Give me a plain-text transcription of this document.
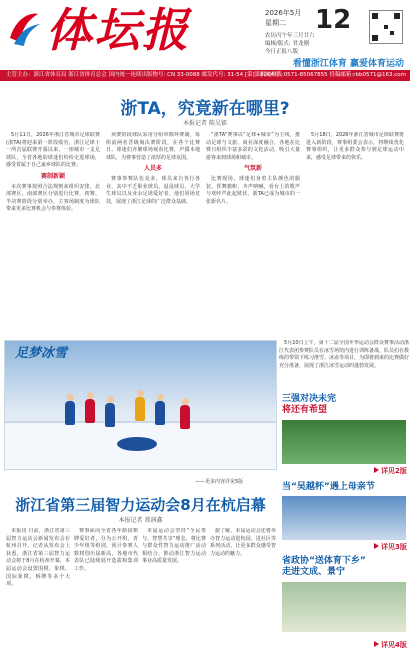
体坛报	2026年5月
星期二 12
农历丙午年三月廿六
编辑/版式: 君龙刚
今日正报八版
看懂浙江体育 赢爱体育运动
主管主办：浙江省体育局 浙江省体育总会 国内统一连续出版物号: CN 33-0088 邮发代号: 31-54 [第]第5204号
新闻热线:0571-85067855 投稿邮箱:rbb0571@163.com
浙TA，究竟新在哪里?
本报记者 陈吴镭

5月11日，2026年浙江省城市足球联赛(浙TA)将迎来第一阶段收官，浙江足球十一所首届联赛开幕以来，一座城市一支足球队，全省各地的球迷们纷纷走进球场，感受着属于自己家乡球队的比赛。

赛制新颖

本次赛事按照合法规则来组织安排，北部赛区、南部赛区分别进行比赛，初赛、半决赛阶段分别举办，主客场制度为球队带来更多比赛机会与参赛体验。

预赛阶段球队采用分组单循环赛制，每组前两名晋级淘汰赛阶段，在各个比赛日，球迷们齐聚球场观看比赛，声援本地球队，为赛事营造了浓厚的足球氛围。

人员多

赛事参赛队伍众多，球员来自各行各业，其中不乏职业球员、退役球员、大学生球员以及业余足球爱好者，他们同场竞技，展现了浙江足球的广泛群众基础。

“浙TA”赛事以“足球+城市”为主线，推动足球与文旅、商业深度融合，各地在比赛日组织丰富多彩的文化活动，吸引大量游客来到球场和城市。

气氛新

比赛现场，球迷们身着主队颜色的服装，挥舞旗帜，齐声呐喊，看台上的歌声与欢呼声此起彼伏，浙TA已成为城市的一张新名片。

5月18日，2026年浙江省城市足球联赛将进入新阶段，赛事组委会表示，将继续优化赛事组织，让更多群众参与到足球运动中来，感受足球带来的快乐。

足梦冰雪

5月10日上午，第十二届全国冬季运动会群众赛事活动浙江代表团参赛队员在冰雪场馆内进行训练备战，队员们在教练的带领下练习滑雪、冰壶等项目，为即将到来的比赛做好充分准备，展现了浙江冰雪运动的蓬勃发展。

——更多内容详见5版
浙江省第三届智力运动会8月在杭启幕
本报记者 郑润鑫

本报讯 日前，浙江省第三届智力运动会新闻发布会在杭州召开，记者从发布会上获悉，浙江省第三届智力运动会将于8月在杭州开幕，本届运动会设置围棋、象棋、国际象棋、桥牌等多个大项。

赛事面向全省各年龄段棋牌爱好者，分为公开组、青少年组等组别，预计参赛人数将创历届新高，各地市代表队已陆续展开选拔和集训工作。

本届运动会坚持“全民参与、智慧共享”理念，将比赛与群众性智力运动推广活动相结合，推动浙江智力运动事业高质量发展。

据了解，本届运动会还将举办智力运动进校园、进社区等系列活动，让更多群众感受智力运动的魅力。

三强对决未完
将还有希望
详见2版
当“吴越杯”遇上母亲节
详见3版
省政协“送体育下乡”
走进文成、景宁
详见4版
